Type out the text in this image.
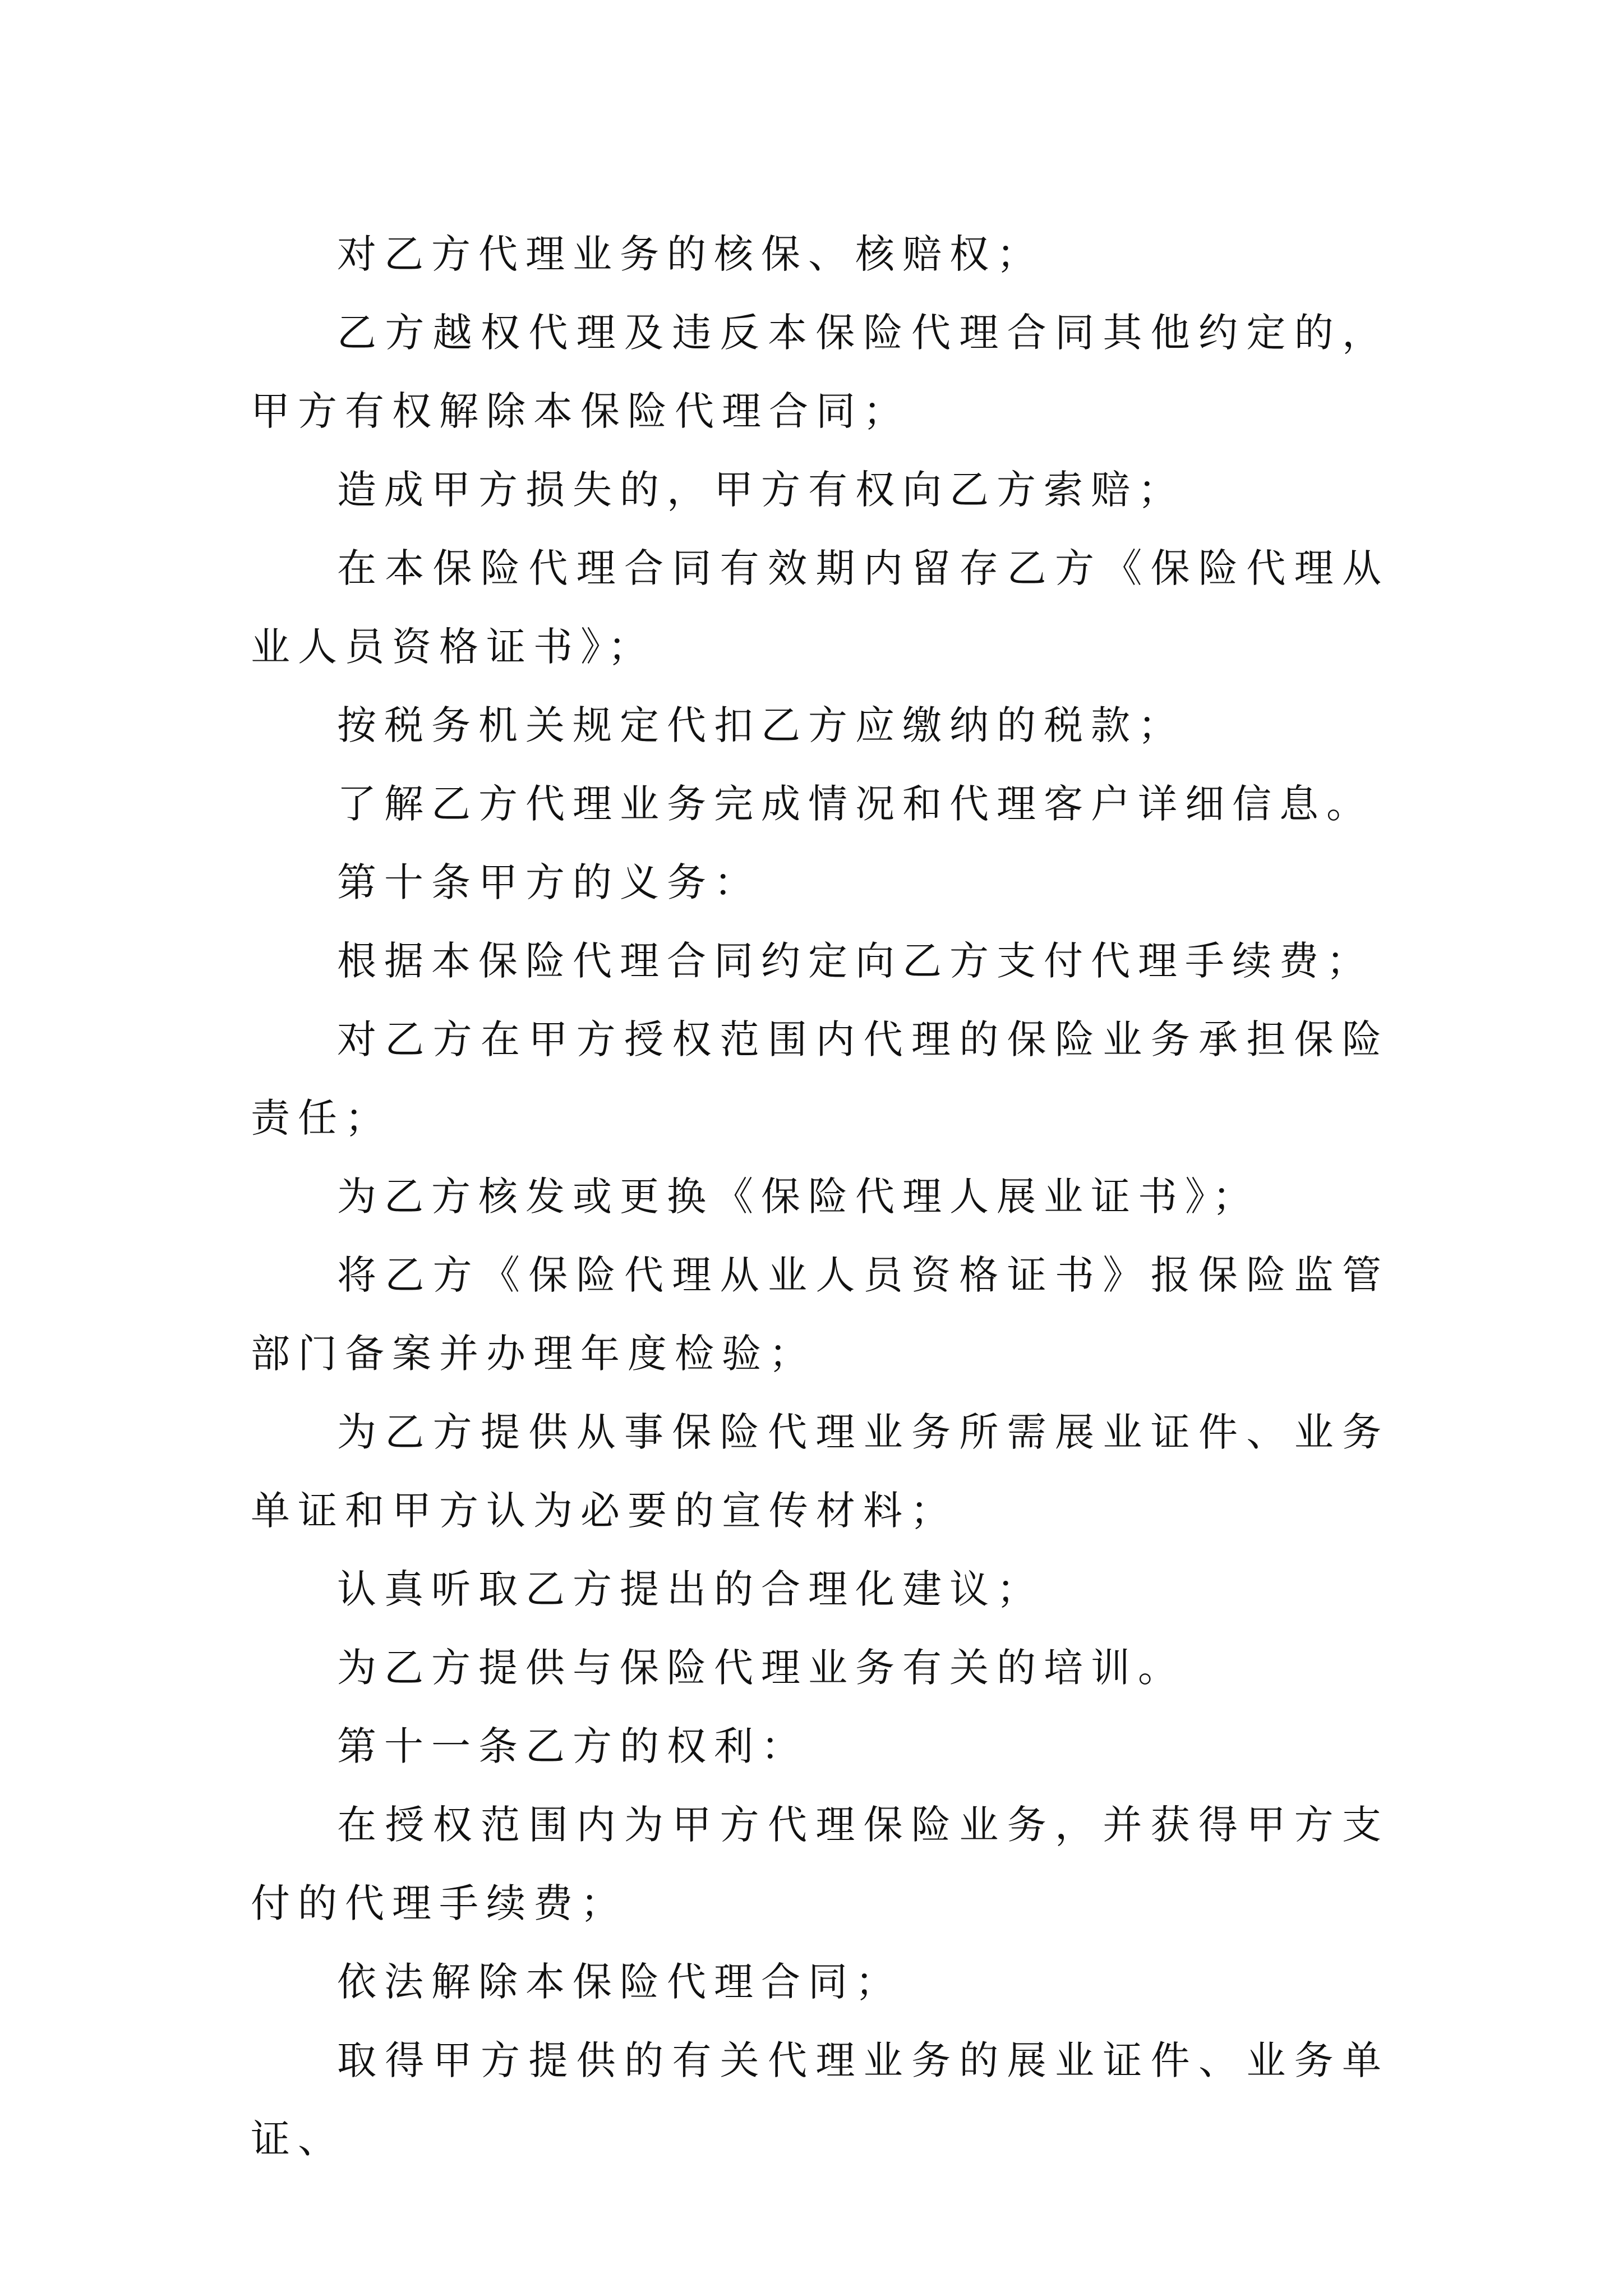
对乙方代理业务的核保、核赔权；

乙方越权代理及违反本保险代理合同其他约定的，甲方有权解除本保险代理合同；

造成甲方损失的，甲方有权向乙方索赔；

在本保险代理合同有效期内留存乙方《保险代理从业人员资格证书》；

按税务机关规定代扣乙方应缴纳的税款；

了解乙方代理业务完成情况和代理客户详细信息。

第十条甲方的义务：

根据本保险代理合同约定向乙方支付代理手续费；

对乙方在甲方授权范围内代理的保险业务承担保险责任；

为乙方核发或更换《保险代理人展业证书》；

将乙方《保险代理从业人员资格证书》报保险监管部门备案并办理年度检验；

为乙方提供从事保险代理业务所需展业证件、业务单证和甲方认为必要的宣传材料；

认真听取乙方提出的合理化建议；

为乙方提供与保险代理业务有关的培训。

第十一条乙方的权利：

在授权范围内为甲方代理保险业务，并获得甲方支付的代理手续费；

依法解除本保险代理合同；

取得甲方提供的有关代理业务的展业证件、业务单证、
